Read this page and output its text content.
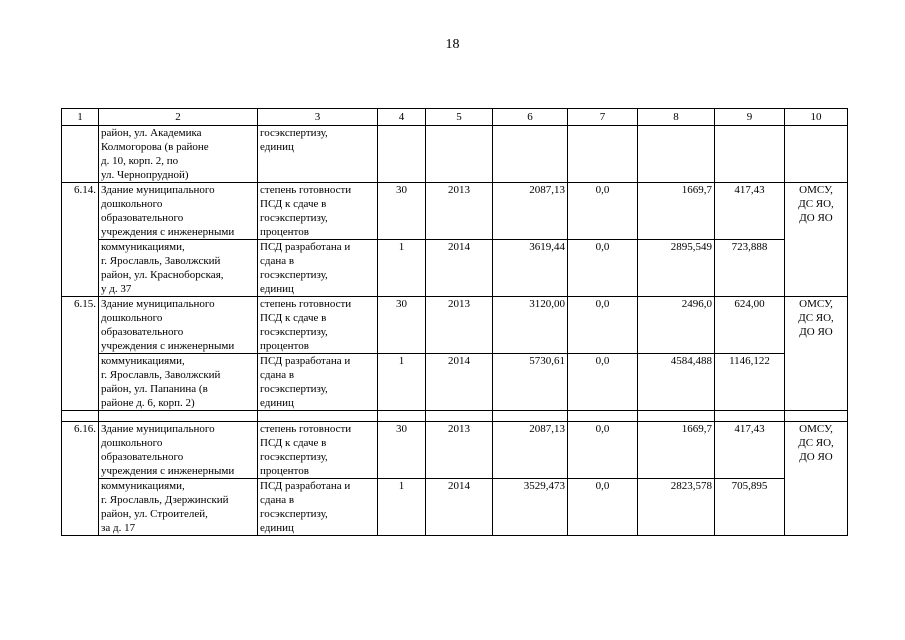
18
1	2	3	4	5	6	7	8	9	10
	район, ул. Академика
Колмогорова (в районе
д. 10, корп. 2, по
ул. Чернопрудной)	госэкспертизу,
единиц							
6.14.	Здание муниципального
дошкольного
образовательного
учреждения с инженерными	степень готовности
ПСД к сдаче в
госэкспертизу,
процентов	30	2013	2087,13	0,0	1669,7	417,43	ОМСУ,
ДС ЯО,
ДО ЯО
	коммуникациями,
г. Ярославль, Заволжский
район, ул. Красноборская,
у д. 37	ПСД разработана и
сдана в
госэкспертизу,
единиц	1	2014	3619,44	0,0	2895,549	723,888	
6.15.	Здание муниципального
дошкольного
образовательного
учреждения с инженерными	степень готовности
ПСД к сдаче в
госэкспертизу,
процентов	30	2013	3120,00	0,0	2496,0	624,00	ОМСУ,
ДС ЯО,
ДО ЯО
	коммуникациями,
г. Ярославль, Заволжский
район, ул. Папанина (в
районе д. 6, корп. 2)	ПСД разработана и
сдана в
госэкспертизу,
единиц	1	2014	5730,61	0,0	4584,488	1146,122	

6.16.	Здание муниципального
дошкольного
образовательного
учреждения с инженерными	степень готовности
ПСД к сдаче в
госэкспертизу,
процентов	30	2013	2087,13	0,0	1669,7	417,43	ОМСУ,
ДС ЯО,
ДО ЯО
	коммуникациями,
г. Ярославль, Дзержинский
район, ул. Строителей,
за д. 17	ПСД разработана и
сдана в
госэкспертизу,
единиц	1	2014	3529,473	0,0	2823,578	705,895	
